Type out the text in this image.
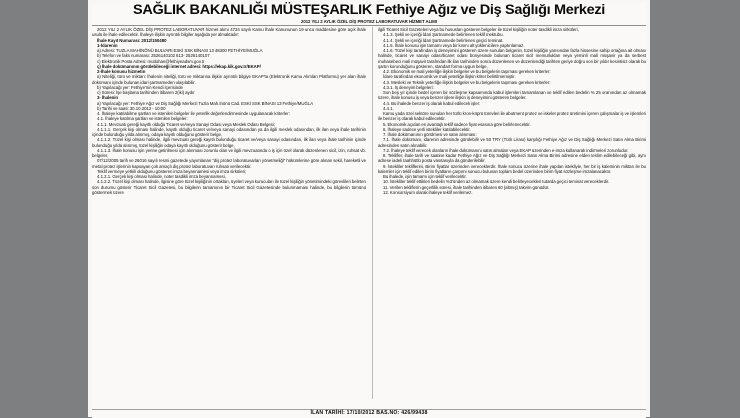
SAĞLIK BAKANLIĞI MÜSTEŞARLIK Fethiye Ağız ve Diş Sağlığı Merkezi
2012 YILI 2 AYLIK ÖZEL DİŞ PROTEZ LABORATUVAR HİZMET ALIMI

2012 YILI 2 AYLIK ÖZEL DİŞ PROTEZ LABORATUVAR hizmet alımı 4734 sayılı Kamu İhale Kanununun 19 uncu maddesine göre açık ihale usulü ile ihale edilecektir. İhaleye ilişkin ayrıntılı bilgiler aşağıda yer almaktadır:

İhale Kayıt Numarası: 2012/150480

1-İdarenin

a) Adresi: TUZLA MAHİNÖNÜ BULVARI ESKİ SSK BİNASI 13 48300 FETHİYE/MUĞLA

b) Telefon ve faks numarası: 2526140102 613- 2526140107

c) Elektronik Posta Adresi: mutluhan@fethiyeadsm.gov.tr

ç) İhale dokümanının görülebileceği internet adresi: https://ekap.kik.gov.tr/EKAP/

2-İhale konusu hizmetin

a) Niteliği, türü ve miktarı: İhalenin niteliği, türü ve miktarına ilişkin ayrıntılı bilgiye EKAP'ta (Elektronik Kamu Alımları Platformu) yer alan ihale dokümanı içinde bulunan idari şartnameden ulaşılabilir.

b) Yapılacağı yer: Fethiye'nin Kendi İçerisinde

c) Süresi: İşe başlama tarihinden itibaren 2(iki) aydır

3- İhalenin

a) Yapılacağı yer: Fethiye Ağız ve Diş Sağlığı Merkezi Tuzla Mah.İnönü Cad. ESKİ SSK BİNASI 13 Fethiye/MUĞLA

b) Tarihi ve saati: 30.10.2012 - 10:00

4. İhaleye katılabilme şartları ve istenilen belgeler ile yeterlik değerlendirmesinde uygulanacak kriterler:

4.1. İhaleye katılma şartları ve istenilen belgeler:

4.1.1. Mevzuatı gereği kayıtlı olduğu Ticaret ve/veya Sanayi Odası veya Meslek Odası Belgesi;

4.1.1.1. Gerçek kişi olması halinde, kayıtlı olduğu ticaret ve/veya sanayi odasından ya da ilgili meslek odasından, ilk ilan veya ihale tarihinin içinde bulunduğu yılda alınmış, odaya kayıtlı olduğunu gösterir belge,

4.1.1.2. Tüzel kişi olması halinde, ilgili mevzuatı gereği kayıtlı bulunduğu ticaret ve/veya sanayi odasından, ilk ilan veya ihale tarihinin içinde bulunduğu yılda alınmış, tüzel kişiliğin odaya kayıtlı olduğunu gösterir belge,

4.1.1.3. İhale konusu işin yerine getirilmesi için alınması zorunlu olan ve ilgili mevzuatında o iş için özel olarak düzenlenen sicil, izin, ruhsat vb. belgeler,

07/12/2005 tarih ve 26016 sayılı resmi gazetede yayımlanan "diş protez laboratuvarları yönetmeliği" hükümlerine göre alınan sekil, hareketli ve metal protez işlerinin kapsayan çok amaçlı diş protez laboratuvarı ruhsatı verilecektir.

Teklif vermeye yetkili olduğunu gösteren imza beyannamesi veya imza sirküleri;

4.1.2.1. Gerçek kişi olması halinde, noter tasdikli imza beyannamesi,

4.1.2.2. Tüzel kişi olması halinde, ilgisine göre tüzel kişiliğinin ortakları, üyeleri veya kurucuları ile tüzel kişiliğin yönetimindeki görevlileri belirten son durumu gösterir Ticaret Sicil Gazetesi, bu bilgilerin tamamının bir Ticaret Sicil Gazetesinde bulunmaması halinde, bu bilgilerin tümünü göstermek üzere

ilgili Ticaret Sicil Gazeteleri veya bu hususları gösteren belgeler ile tüzel kişiliğin noter tasdikli imza sirküleri,

4.1.3. Şekli ve içeriği İdari Şartnamede belirlenen teklif mektubu.

4.1.4. Şekli ve içeriği İdari Şartnamede belirlenen geçici teminat.

4.1.5. İhale konusu işin tamamı veya bir kısmı alt yüklenicilere yaptırılamaz.

4.1.6. Tüzel kişi tarafından iş deneyimini gösteren üzere sunulan belgenin, tüzel kişiliğin yarısından fazla hissesine sahip ortağına ait olması halinde, ticaret ve sanayi odası/ticaret odası bünyesinde bulunan ticaret sicil memurlukları veya yeminli mali müşavir ya da serbest muhasebeci mali müşavir tarafından ilk ilan tarihinden sonra düzenlenen ve düzenlendiği tarihten geriye doğru son bir yıldır kesintisiz olarak bu şartın korunduğunu gösteren, standart forma uygun belge,

4.2. Ekonomik ve mali yeterliğe ilişkin belgeler ve bu belgelerin taşıması gereken kriterler:

İdare tarafından ekonomik ve mali yeterliğe ilişkin kriter belirtilmemiştir.

4.3. Mesleki ve Teknik yeterliğe ilişkin belgeler ve bu belgelerin taşıması gereken kriterler:

4.3.1. İş deneyim belgeleri:

Son beş yıl içinde bedel içeren bir sözleşme kapsamında kabul işlemleri tamamlanan ve teklif edilen bedelin % 25 oranından az olmamak üzere, ihale konusu iş veya benzer işlere ilişkin iş deneyimini gösteren belgeler.

4.4. Bu ihalede benzer iş olarak kabul edilecek işler:

4.4.1.

Kamu yada özel sektöre sunulan her türlü kron-köprü türevleri ile abutment protez ve iskelet protez üretimini içeren çalışmalar iş ve işlemleri ile benzer iş olarak kabul edilecektir.

5. Ekonomik açıdan en avantajlı teklif sadece fiyat esasına göre belirlenecektir.

6. İhaleye sadece yerli istekliler katılabilecektir.

7. İhale dokümanının görülmesi ve satın alınması:

7.1. İhale dokümanı, idarenin adresinde görülebilir ve 50 TRY (Türk Lirası) karşılığı Fethiye Ağız ve Diş Sağlığı Merkezi Satın Alma Birimi adresinden satın alınabilir.

7.2. İhaleye teklif verecek olanların ihale dokümanını satın almaları veya EKAP üzerinden e-imza kullanarak indirmeleri zorunludur.

8. Teklifler, ihale tarih ve saatine kadar Fethiye Ağız ve Diş Sağlığı Merkezi Satın Alma Birimi adresine elden teslim edilebileceği gibi, aynı adrese iadeli taahhütlü posta vasıtasıyla da gönderilebilir.

9. İstekliler tekliflerini, Birim fiyatlar üzerinden vereceklerdir. İhale sonucu üzerine ihale yapılan istekliyle, her bir iş kaleminin miktarı ile bu kalemler için teklif edilen birim fiyatların çarpımı sonucu bulunan toplam bedel üzerinden birim fiyat sözleşme imzalanacaktır.

Bu ihalede, işin tamamı için teklif verilecektir.

10. İstekliler teklif ettikleri bedelin %3'ünden az olmamak üzere kendi belirleyecekleri tutarda geçici teminat vereceklerdir.

11. Verilen tekliflerin geçerlilik süresi, ihale tarihinden itibaren 60 (altmış) takvim günüdür.

12. Konsorsiyum olarak ihaleye teklif verilemez.

İLAN TARİHİ: 17/10/2012 BAS.NO: 426/99438
